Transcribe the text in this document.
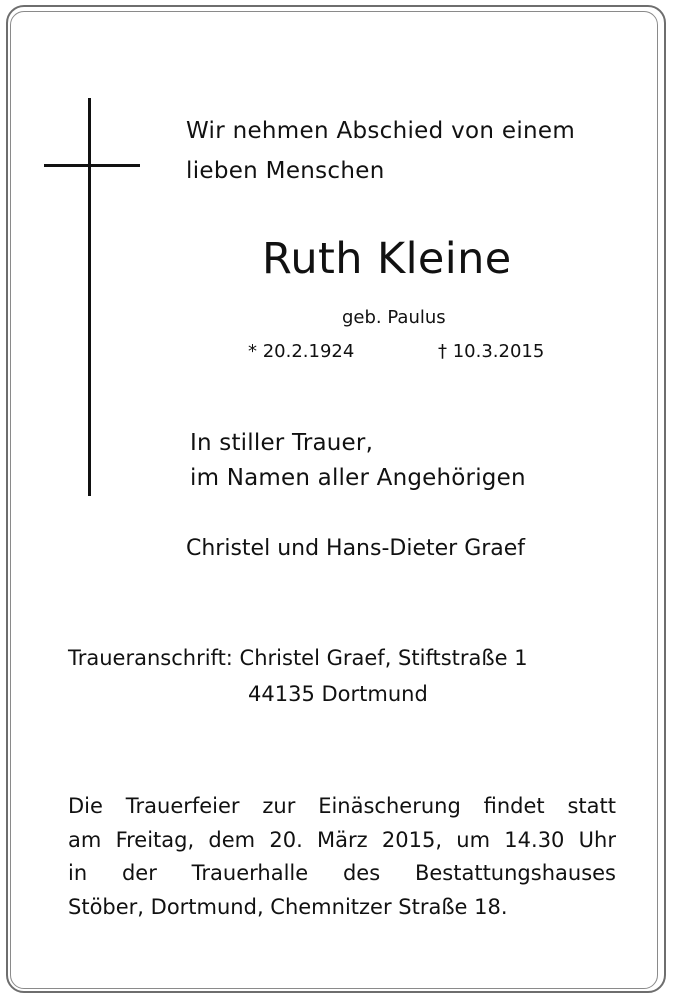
Wir nehmen Abschied von einem
lieben Menschen
Ruth Kleine
geb. Paulus
* 20.2.1924	† 10.3.2015
In stiller Trauer,
im Namen aller Angehörigen
Christel und Hans-Dieter Graef
Traueranschrift: Christel Graef, Stiftstraße 1
44135 Dortmund
Die Trauerfeier zur Einäscherung findet statt
am Freitag, dem 20. März 2015, um 14.30 Uhr
in der Trauerhalle des Bestattungshauses
Stöber, Dortmund, Chemnitzer Straße 18.
